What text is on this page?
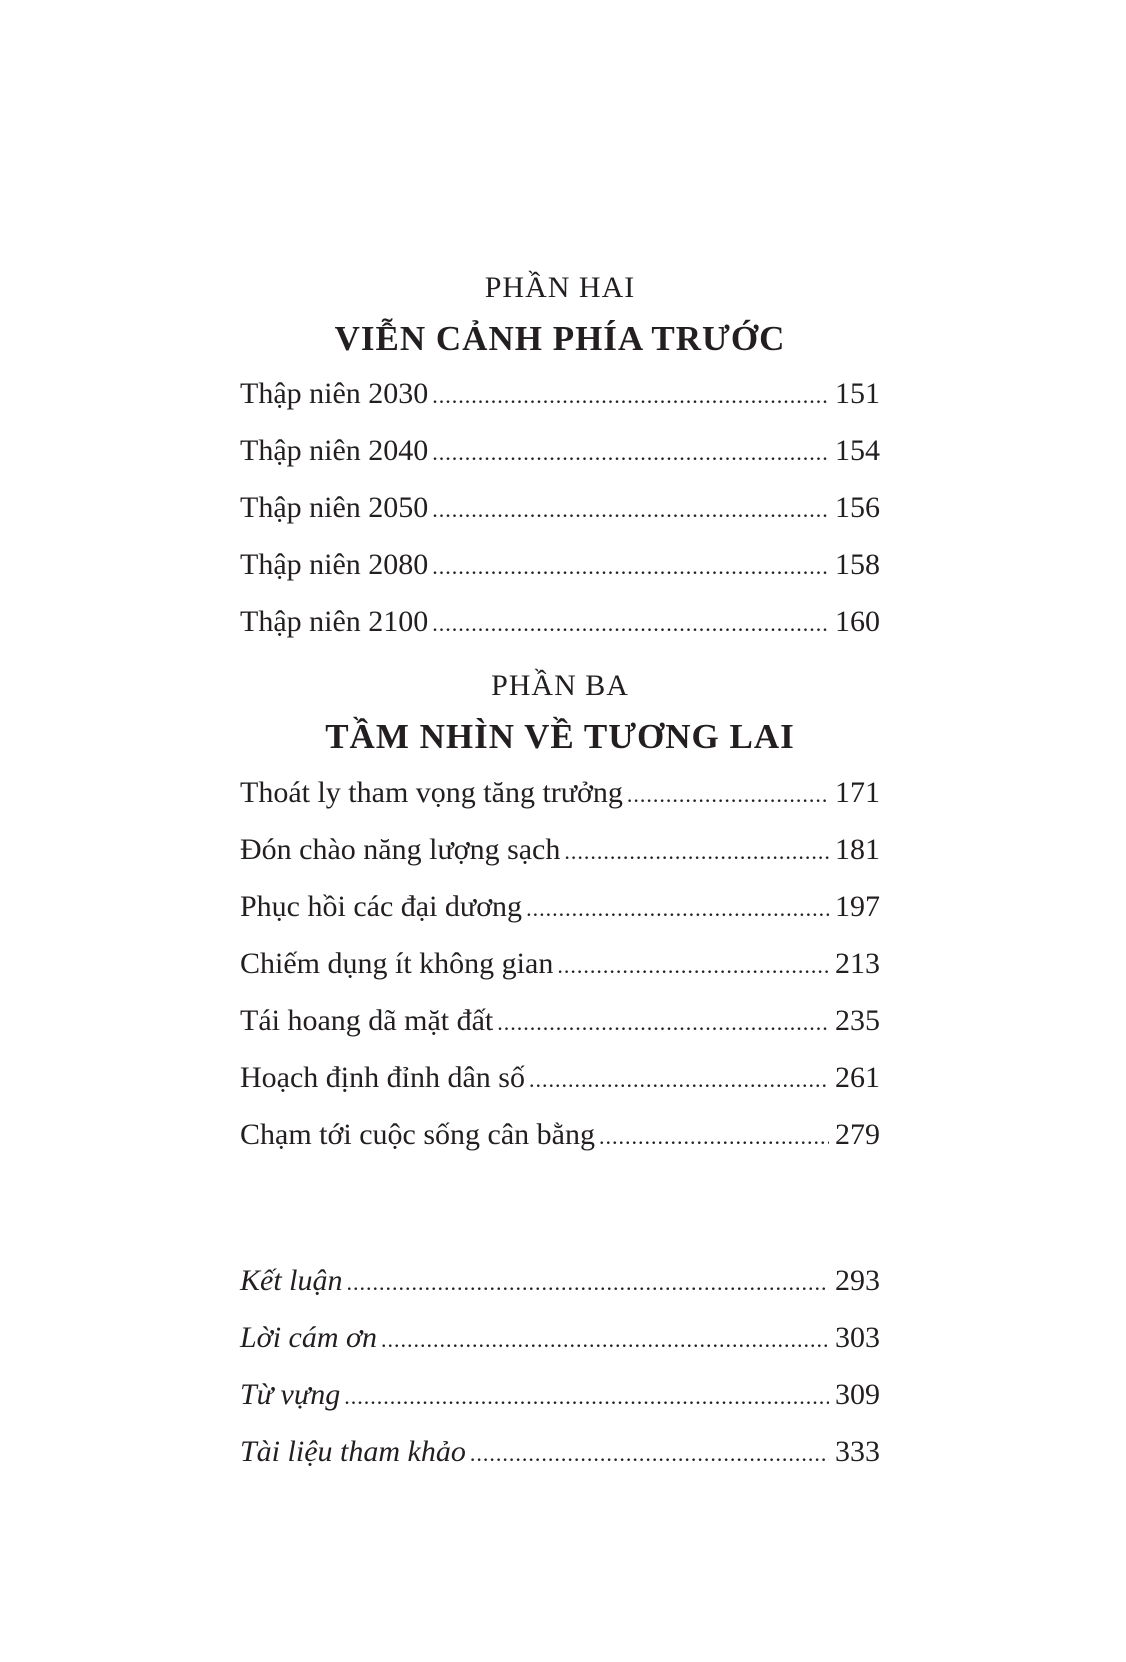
PHẦN HAI
VIỄN CẢNH PHÍA TRƯỚC
Thập niên 2030 .....	151
Thập niên 2040 .....	154
Thập niên 2050 .....	156
Thập niên 2080 .....	158
Thập niên 2100 .....	160
PHẦN BA
TẦM NHÌN VỀ TƯƠNG LAI
Thoát ly tham vọng tăng trưởng .....	171
Đón chào năng lượng sạch .....	181
Phục hồi các đại dương .....	197
Chiếm dụng ít không gian .....	213
Tái hoang dã mặt đất .....	235
Hoạch định đỉnh dân số .....	261
Chạm tới cuộc sống cân bằng .....	279
Kết luận .....	293
Lời cám ơn .....	303
Từ vựng .....	309
Tài liệu tham khảo .....	333
